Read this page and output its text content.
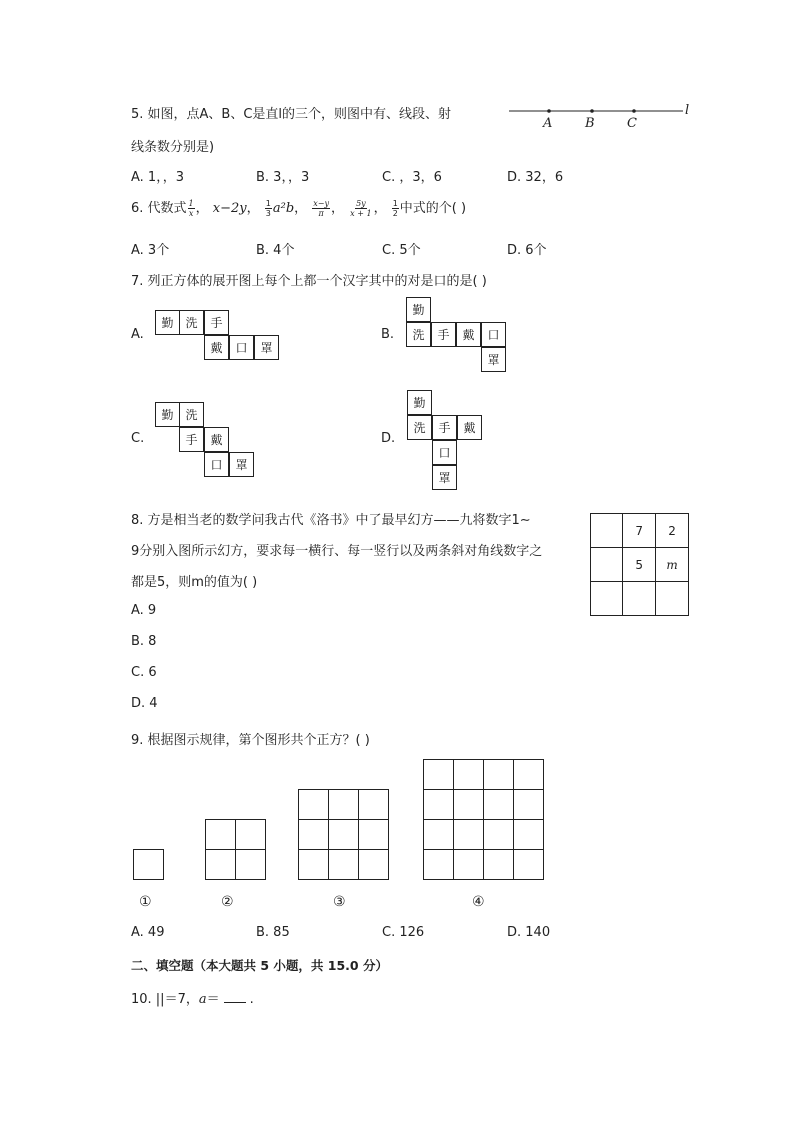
5. 如图，点A、B、C是直l的三个，则图中有、线段、射
线条数分别是)
l
A	B C
A. 1，，3	B. 3，，3	C. ，3，6	D. 32，6
6. 代数式 $\frac{1}{x}$ ， x−2y， $\frac{1}{3} a^2b$， $\frac{x-y}{\pi}$ ， $\frac{5y}{x + 1}$ ， $\frac{1}{2}$ 中式的个( )
A. 3个	B. 4个	C. 5个	D. 6个
7. 列正方体的展开图上每个上都一个汉字其中的对是口的是( )
A.
勤 洗	手
戴	口	罩
B.
勤
洗	手	戴	口
罩
C.
勤 洗
手	戴
口	罩
D.
勤
洗	手	戴
口
罩
8. 方是相当老的数学问我古代《洛书》中了最早幻方——九将数字1∼
9分别入图所示幻方，要求每一横行、每一竖行以及两条斜对角线数字之
都是5，则m的值为( )
	7	2
	5	m

A. 9
B. 8
C. 6
D. 4
9. 根据图示规律，第个图形共个正方？( )
①	②	③	④
A. 49	B. 85	C. 126	D. 140
二、填空题（本大题共 5 小题，共 15.0 分）
10. ||＝7，a＝ .
